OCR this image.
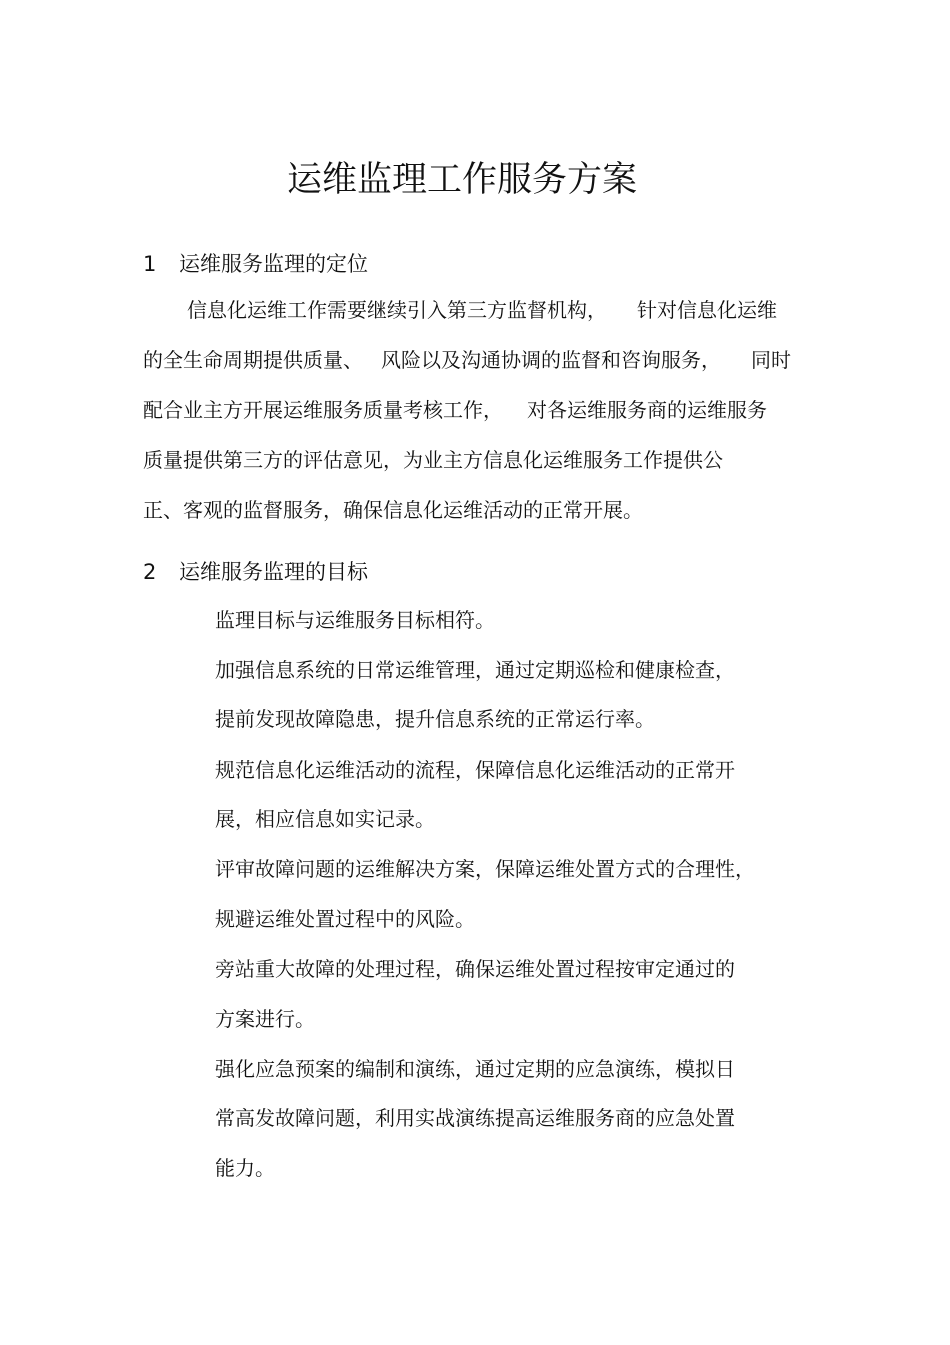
运维监理工作服务方案
1 运维服务监理的定位
信息化运维工作需要继续引入第三方监督机构， 针对信息化运维
的全生命周期提供质量、 风险以及沟通协调的监督和咨询服务， 同时
配合业主方开展运维服务质量考核工作， 对各运维服务商的运维服务
质量提供第三方的评估意见，为业主方信息化运维服务工作提供公
正、客观的监督服务，确保信息化运维活动的正常开展。
2 运维服务监理的目标
监理目标与运维服务目标相符。
加强信息系统的日常运维管理，通过定期巡检和健康检查，
提前发现故障隐患，提升信息系统的正常运行率。
规范信息化运维活动的流程，保障信息化运维活动的正常开
展，相应信息如实记录。
评审故障问题的运维解决方案，保障运维处置方式的合理性，
规避运维处置过程中的风险。
旁站重大故障的处理过程，确保运维处置过程按审定通过的
方案进行。
强化应急预案的编制和演练，通过定期的应急演练，模拟日
常高发故障问题，利用实战演练提高运维服务商的应急处置
能力。
